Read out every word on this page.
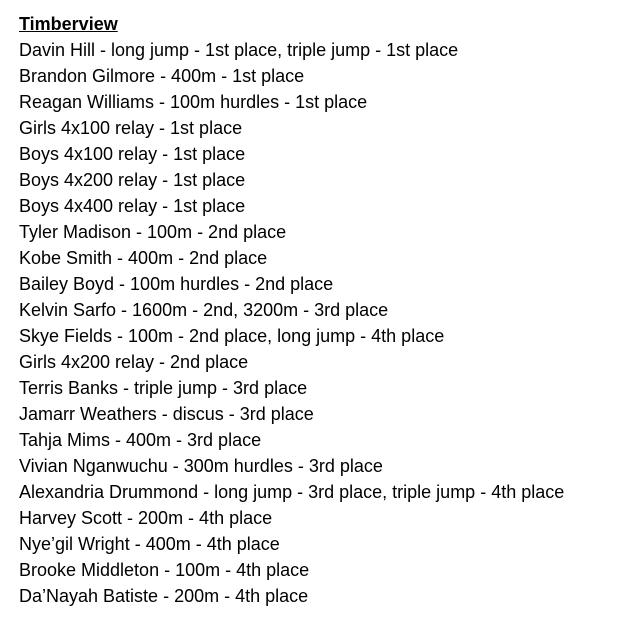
Timberview
Davin Hill - long jump - 1st place, triple jump - 1st place
Brandon Gilmore - 400m - 1st place
Reagan Williams - 100m hurdles - 1st place
Girls 4x100 relay - 1st place
Boys 4x100 relay - 1st place
Boys 4x200 relay - 1st place
Boys 4x400 relay - 1st place
Tyler Madison - 100m - 2nd place
Kobe Smith - 400m - 2nd place
Bailey Boyd - 100m hurdles - 2nd place
Kelvin Sarfo - 1600m - 2nd, 3200m - 3rd place
Skye Fields - 100m - 2nd place, long jump - 4th place
Girls 4x200 relay - 2nd place
Terris Banks - triple jump - 3rd place
Jamarr Weathers - discus - 3rd place
Tahja Mims - 400m - 3rd place
Vivian Nganwuchu - 300m hurdles - 3rd place
Alexandria Drummond - long jump - 3rd place, triple jump - 4th place
Harvey Scott - 200m - 4th place
Nye’gil Wright - 400m - 4th place
Brooke Middleton - 100m - 4th place
Da’Nayah Batiste - 200m - 4th place
